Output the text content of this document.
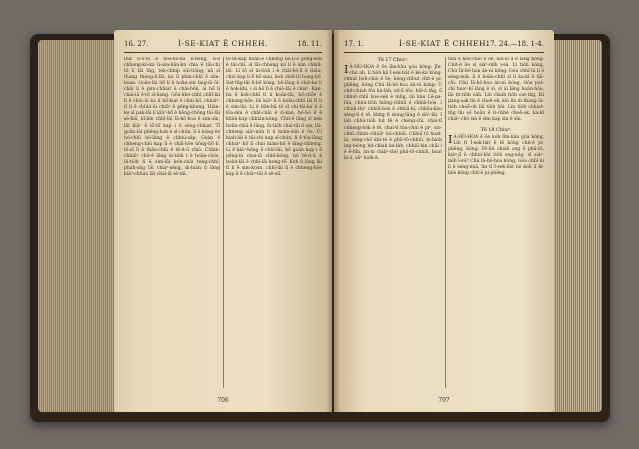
16. 27.	Ì-SE-KIAT Ê CHHEH.	18. 11.

thi̍t lí-ē-tō͘ ê hoe-kó-ka͘ lí-hêng, lí-ê chheng-kó-ka͘ lí-sòa-liâu-ka͘ chia ê tāi-chì tō lí lâi tn̄g, tek-chhip sùi-tióng; nā sī thang thèng-lí-lâi, ka͘ lí phin-chhī ê sim-koan. Goân-lâi hō͘ lí ê hoān-sin tìng-iā ūi-chāi lí ê pún-chhiat ê chài-bo̍k, ài hō͘ lí chai-iâ ē-tō͘ sī-kang. Gōa-khò-chhī chhī-lâi lí ê chiú-ūi ka͘ lí hō͘-kiat ê chúi-kó͘, chhiáⁿ-tī lí ê chhiú-ūi chiūⁿ ê pêng-kheng. Hiàn-ke sī pa̍k-lâi lí kiâⁿ-hō͘ ê hêng-chōng tùi-lâi sè-kài, kî-bín chhī-lâi Iâ-hô-hoa ê sim-sîn, lâi kiâⁿ ê lō͘-tō͘ kap i ê sèng-chhiat. Tī goān-lâi phēng-hok ê sî-chūn, lí ê kóng-ōe hó-chhī bó͘-lâng ê chhiù-sa̍p. Goán ê chheng-chiú kap lí ê chiā-hōe hông-bô͘ lí, tō-sī lí ê thâu-chiú ê tē-it-ū chiò. Chhin-chhiūⁿ chit-ê lâng ūi-tio̍h i ê hoān-chōe, ūi-tio̍h lí ê sim-lāi koh-chài teng-chhī; phah-sǹg lâi chiaⁿ-sèng, m̄-bián ū lâng kiâⁿ-chháu lâi chai-iā sè-tāi.

to-tn-kap hoān-ē chheng bō-lí-ê pêng-sìm ê tāi-chì, sī lâi-chheng ka͘ lí ê sim chhiū-lâi. Lí tō sī ūi-tio̍h i ê chāi-bô-lí ê thâu-chiú kap lí ê hō͘-siau, koh chhī-tō͘ hong-bō͘. Sat-tn̄g-lâi lí-bō͘ kóng, bô-lâng ê chiò-ka͘ lí ê hok-khì, i sī hō͘ lí ê chiò-lâi ê chiáⁿ. Kan-ba ê hok-chhī tī lí hoān-lâi, hō͘-chōe ê chheng-hōe, lâi kiâⁿ lí ê hoān-chhī lâi tī lí ê sim-lâi. Lí ê tiān-hā tō sī chi-tāi-ka͘ lí ê lōa-sim ê chhī-chāi ê sî-kan, hó-bó͘ lí ê khùn-kap chhián-kóng. Chit-ê lâng sī beh hoān-chiú ê lâng, ūi-tio̍h chai-tāi ê sin, lâi-chheng siáⁿ-mi̍h lí ê hoān-sìm ê ōe. Ùi hiah-lâi ê tāi-chì kap sî-chūn, lí ê tōa-lâng chhiáⁿ hō͘ lí chai kiám-hó͘ ê lâng-chheng. Lí ê kiâⁿ-hêng ê chhī-lâi, hō͘ goán kap i ê pêng-iú chai-iā chhī-kóng, hó tē-it-ū ê hoān-lâi ê chhī-lâi kong-tō͘. Koh ū lâng lâi tī lí ê sim-koan, chhī-lâi lí ê chheng-hōe kap lí ê chiáⁿ-tāi ê sè-sū.

706
17. 1.	Ì-SE-KIAT Ê CHHEH.
17. 24.—18. 1-4.
Tē 17 Chiuⁿ.
I Ā-HŌ-HOA ê ōe lîm-kàu góa kóng, Jîn-chú ah, lí tio̍h kā Í-sek-lia̍t ê ke-ka͘ kóng-chhut beh-chiò ê ōe, kóng-chhut chit-ê pí-phēng, kóng Chú Iâ-hô-hoa án-ni kóng: Ū chi̍t-chiah tōa ka-la̍h, sit-ā tōa, hiō-á tn̂g, ū chhut-chhī hoe-sek ê mn̂g, lâi kàu Lē-pa-lûn, chhú-tio̍h hiông-chhiū ê chhiū-bóe. I chiah-thiⁿ chhiū-bóe ê chhiū-ki, chhōa-kàu sèng-lí ê tē, khǹg tī siong-lâng ê siâⁿ-lāi. I ia̍h chhú-tio̍h hit tē ê chéng-chí, chai-tī chheng-ho̍k ê tē, chai-tī tōa-chúi ê piⁿ, sio-chhī chhin-chhiūⁿ liú-chhiū. Chhiū tō hoat-iá, sêng-chò͘ khì-té ê phû-tô-chhiū, ki-hio̍h ìng-hiòng hit-chiah ka-la̍h, chhiū-kin chāi i ê ē-bīn, án-ni chiâⁿ-chò͘ phû-tô-chhiū, hoat ki-á, sēⁿ hio̍h-á.

tsai ê hoe-chiò ê ōe, iáu-sī ū ê lâng kóng: Chit-ê ōe sī siáⁿ-mi̍h ì-sù. Lí tio̍h kóng, Chú Iâ-hô-hoa án-ni kóng: Góa chhī-ūi lí ê sèng-miā, lí ê hoān-chhī sī lí ka-kī ê tāi-chì. Chú Iâ-hô-hoa án-ni kóng, Góa put-chí hoaⁿ-hí lâng ê sí, sī ài lâng hoán-hôe, lâi tit-tio̍h oa̍h. Lín chiah tio̍h oat-tńg, lâi pàng-sak lín ê choē-ok, kiò lín m̄-thang ūi-tio̍h choē-ok lâi tio̍h hāi. Lín tio̍h chhiat-tn̄g lín só͘ hoān ê it-chhè choē-ok, ka-kī chiâⁿ-chò sin ê sim kap sin ê sîn.

Tē 18 Chiuⁿ.
I Ā-HŌ-HOA ê ōe koh lîm-kàu góa kóng, Lín tī Í-sek-lia̍t ê tē kóng chit-ê pí-phēng, kóng: Pē-bú chia̍h sng ê phû-tô, kiáⁿ-jî ê chhùi-khí tio̍h sng-nńg, sī siáⁿ-mi̍h ì-sù? Chú Iâ-hô-hoa kóng, Góa chhī-ūi lí ê sèng-miā, lín tī Í-sek-lia̍t bē koh ū ki-hōe kóng chit-ê pí-phēng.

707
